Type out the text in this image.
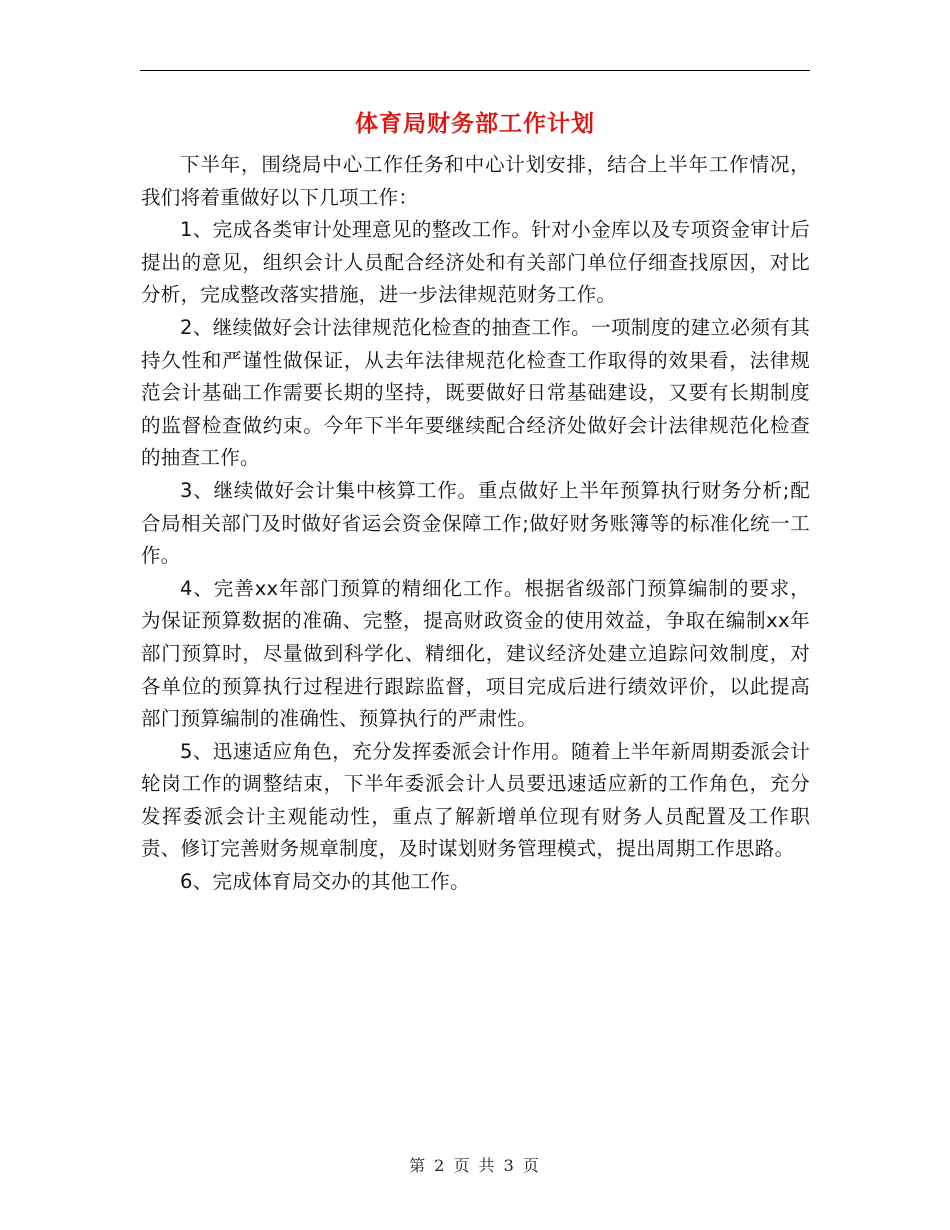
体育局财务部工作计划

下半年，围绕局中心工作任务和中心计划安排，结合上半年工作情况，我们将着重做好以下几项工作：

1、完成各类审计处理意见的整改工作。针对小金库以及专项资金审计后提出的意见，组织会计人员配合经济处和有关部门单位仔细查找原因，对比分析，完成整改落实措施，进一步法律规范财务工作。

2、继续做好会计法律规范化检查的抽查工作。一项制度的建立必须有其持久性和严谨性做保证，从去年法律规范化检查工作取得的效果看，法律规范会计基础工作需要长期的坚持，既要做好日常基础建设，又要有长期制度的监督检查做约束。今年下半年要继续配合经济处做好会计法律规范化检查的抽查工作。

3、继续做好会计集中核算工作。重点做好上半年预算执行财务分析;配合局相关部门及时做好省运会资金保障工作;做好财务账簿等的标准化统一工作。

4、完善xx年部门预算的精细化工作。根据省级部门预算编制的要求，为保证预算数据的准确、完整，提高财政资金的使用效益，争取在编制xx年部门预算时，尽量做到科学化、精细化，建议经济处建立追踪问效制度，对各单位的预算执行过程进行跟踪监督，项目完成后进行绩效评价，以此提高部门预算编制的准确性、预算执行的严肃性。

5、迅速适应角色，充分发挥委派会计作用。随着上半年新周期委派会计轮岗工作的调整结束，下半年委派会计人员要迅速适应新的工作角色，充分发挥委派会计主观能动性，重点了解新增单位现有财务人员配置及工作职责、修订完善财务规章制度，及时谋划财务管理模式，提出周期工作思路。

6、完成体育局交办的其他工作。

第 2 页 共 3 页
